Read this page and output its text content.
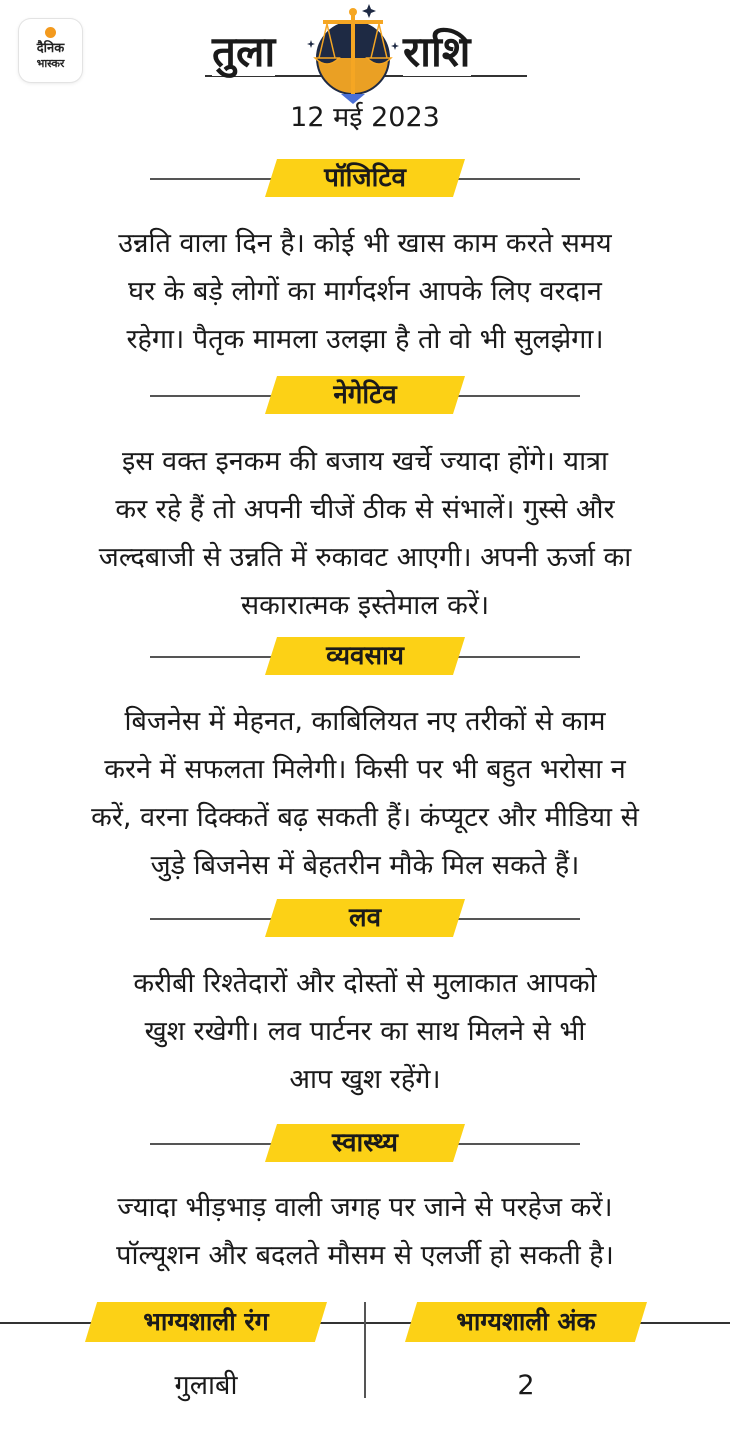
दैनिक
भास्कर	तुला	राशि
12 मई 2023
पॉजिटिव

उन्नति वाला दिन है। कोई भी खास काम करते समय
घर के बड़े लोगों का मार्गदर्शन आपके लिए वरदान
रहेगा। पैतृक मामला उलझा है तो वो भी सुलझेगा।

नेगेटिव

इस वक्त इनकम की बजाय खर्चे ज्यादा होंगे। यात्रा
कर रहे हैं तो अपनी चीजें ठीक से संभालें। गुस्से और
जल्दबाजी से उन्नति में रुकावट आएगी। अपनी ऊर्जा का
सकारात्मक इस्तेमाल करें।

व्यवसाय

बिजनेस में मेहनत, काबिलियत नए तरीकों से काम
करने में सफलता मिलेगी। किसी पर भी बहुत भरोसा न
करें, वरना दिक्कतें बढ़ सकती हैं। कंप्यूटर और मीडिया से
जुड़े बिजनेस में बेहतरीन मौके मिल सकते हैं।

लव

करीबी रिश्तेदारों और दोस्तों से मुलाकात आपको
खुश रखेगी। लव पार्टनर का साथ मिलने से भी
आप खुश रहेंगे।

स्वास्थ्य

ज्यादा भीड़भाड़ वाली जगह पर जाने से परहेज करें।
पॉल्यूशन और बदलते मौसम से एलर्जी हो सकती है।

भाग्यशाली रंग	भाग्यशाली अंक
गुलाबी	2
